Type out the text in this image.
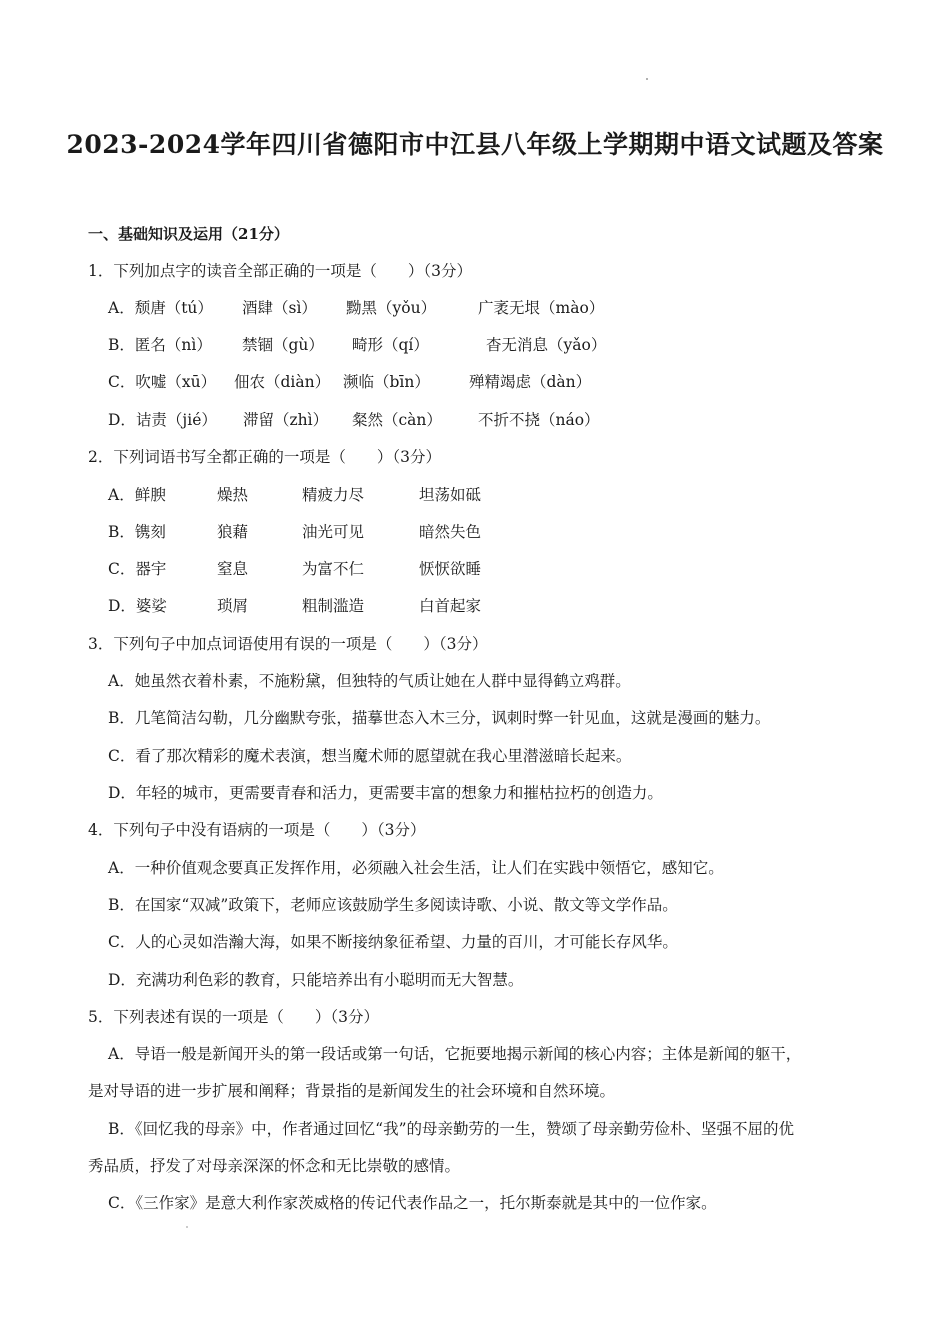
2023-2024学年四川省德阳市中江县八年级上学期期中语文试题及答案
一、基础知识及运用（21分）
1．下列加点字的读音全部正确的一项是（　　）（3分）
A．颓唐（tú） 酒肆（sì） 黝黑（yǒu）	广袤无垠（mào）
B．匿名（nì） 禁锢（gù） 畸形（qí）	杳无消息（yǎo）
C．吹嘘（xū） 佃农（diàn） 濒临（bīn）	殚精竭虑（dàn）
D．诘责（jié） 滞留（zhì） 粲然（càn） 不折不挠（náo）
2．下列词语书写全都正确的一项是（　　）（3分）
A．鲜腴	燥热	精疲力尽	坦荡如砥
B．镌刻	狼藉	油光可见	暗然失色
C．器宇	窒息	为富不仁	恹恹欲睡
D．婆娑	琐屑	粗制滥造	白首起家
3．下列句子中加点词语使用有误的一项是（　　）（3分）
A．她虽然衣着朴素，不施粉黛，但独特的气质让她在人群中显得鹤立鸡群。
B．几笔简洁勾勒，几分幽默夸张，描摹世态入木三分，讽刺时弊一针见血，这就是漫画的魅力。
C．看了那次精彩的魔术表演，想当魔术师的愿望就在我心里潜滋暗长起来。
D．年轻的城市，更需要青春和活力，更需要丰富的想象力和摧枯拉朽的创造力。
4．下列句子中没有语病的一项是（　　）（3分）
A．一种价值观念要真正发挥作用，必须融入社会生活，让人们在实践中领悟它，感知它。
B．在国家“双减”政策下，老师应该鼓励学生多阅读诗歌、小说、散文等文学作品。
C．人的心灵如浩瀚大海，如果不断接纳象征希望、力量的百川，才可能长存风华。
D．充满功利色彩的教育，只能培养出有小聪明而无大智慧。
5．下列表述有误的一项是（　　）（3分）
A．导语一般是新闻开头的第一段话或第一句话，它扼要地揭示新闻的核心内容；主体是新闻的躯干，
是对导语的进一步扩展和阐释；背景指的是新闻发生的社会环境和自然环境。
B．《回忆我的母亲》中，作者通过回忆“我”的母亲勤劳的一生，赞颂了母亲勤劳俭朴、坚强不屈的优
秀品质，抒发了对母亲深深的怀念和无比崇敬的感情。
C．《三作家》是意大利作家茨威格的传记代表作品之一，托尔斯泰就是其中的一位作家。
